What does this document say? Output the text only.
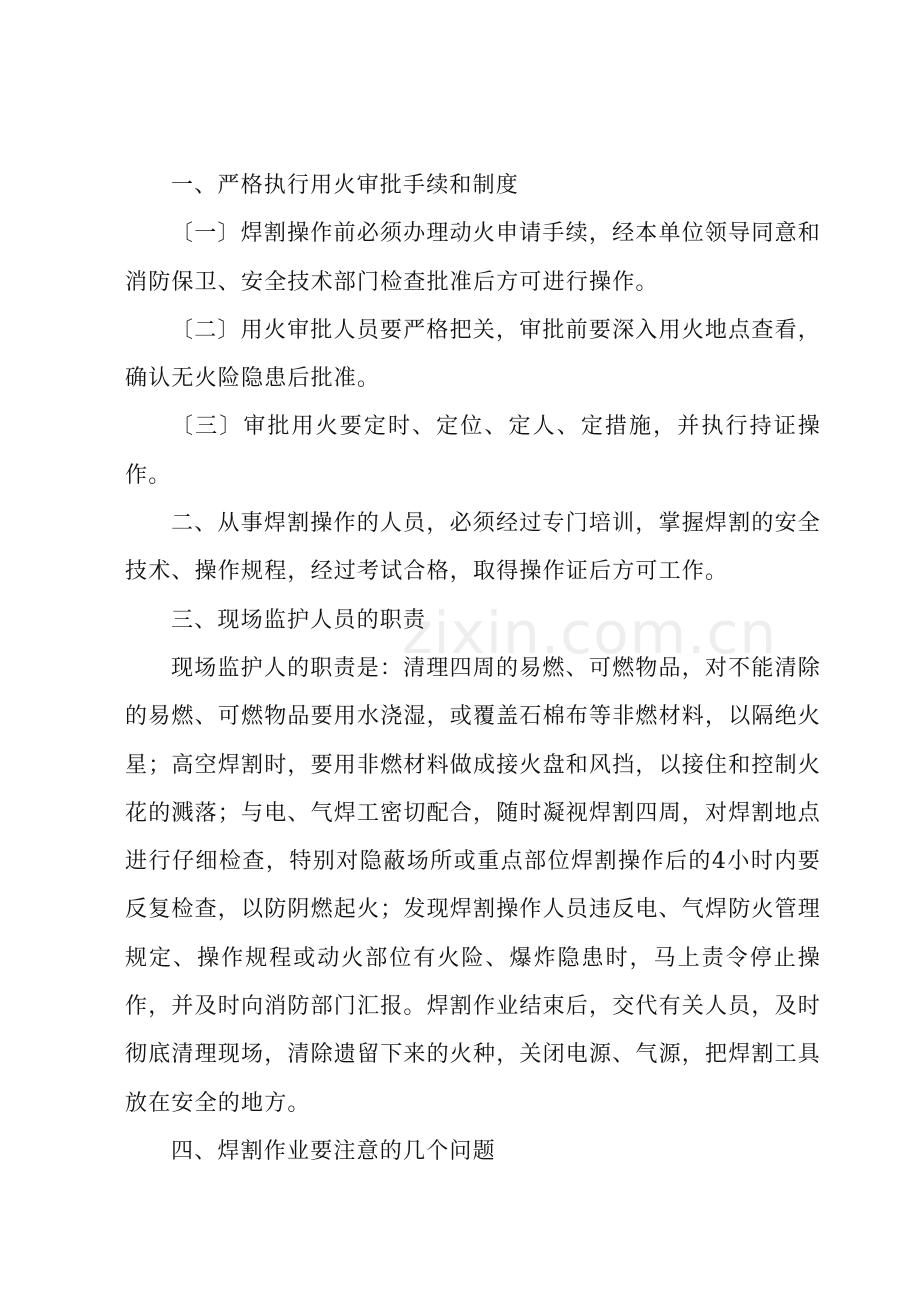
一、严格执行用火审批手续和制度

〔一〕焊割操作前必须办理动火申请手续，经本单位领导同意和消防保卫、安全技术部门检查批准后方可进行操作。

〔二〕用火审批人员要严格把关，审批前要深入用火地点查看，确认无火险隐患后批准。

〔三〕审批用火要定时、定位、定人、定措施，并执行持证操作。

二、从事焊割操作的人员，必须经过专门培训，掌握焊割的安全技术、操作规程，经过考试合格，取得操作证后方可工作。

三、现场监护人员的职责

现场监护人的职责是：清理四周的易燃、可燃物品，对不能清除的易燃、可燃物品要用水浇湿，或覆盖石棉布等非燃材料，以隔绝火星；高空焊割时，要用非燃材料做成接火盘和风挡，以接住和控制火花的溅落；与电、气焊工密切配合，随时凝视焊割四周，对焊割地点进行仔细检查，特别对隐蔽场所或重点部位焊割操作后的4小时内要反复检查，以防阴燃起火；发现焊割操作人员违反电、气焊防火管理规定、操作规程或动火部位有火险、爆炸隐患时，马上责令停止操作，并及时向消防部门汇报。焊割作业结束后，交代有关人员，及时彻底清理现场，清除遗留下来的火种，关闭电源、气源，把焊割工具放在安全的地方。

四、焊割作业要注意的几个问题

zixin.com.cn
